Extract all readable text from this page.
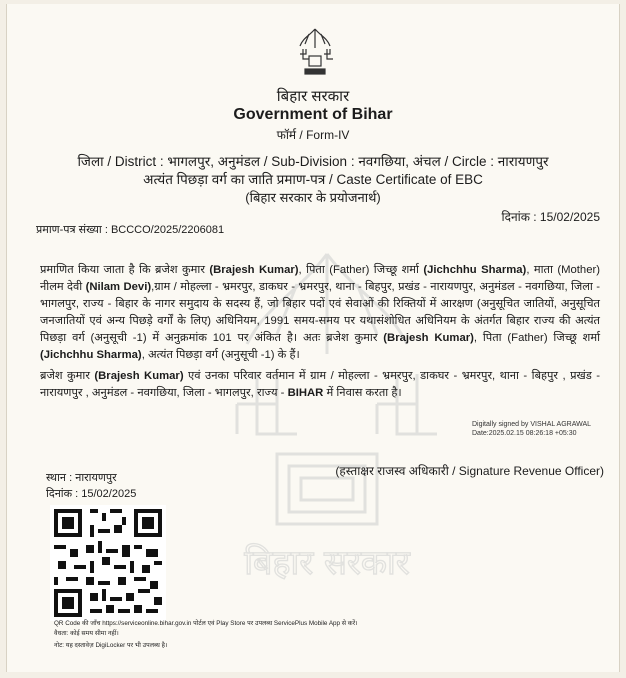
बिहार सरकार
बिहार सरकार
Government of Bihar
फॉर्म / Form-IV
जिला / District : भागलपुर, अनुमंडल / Sub-Division : नवगछिया, अंचल / Circle : नारायणपुर
अत्यंत पिछड़ा वर्ग का जाति प्रमाण-पत्र / Caste Certificate of EBC
(बिहार सरकार के प्रयोजनार्थ)
दिनांक : 15/02/2025
प्रमाण-पत्र संख्या : BCCCO/2025/2206081
प्रमाणित किया जाता है कि ब्रजेश कुमार (Brajesh Kumar), पिता (Father) जिच्छू शर्मा (Jichchhu Sharma), माता (Mother) नीलम देवी (Nilam Devi),ग्राम / मोहल्ला - भ्रमरपुर, डाकघर - भ्रमरपुर, थाना - बिहपुर, प्रखंड - नारायणपुर, अनुमंडल - नवगछिया, जिला - भागलपुर, राज्य - बिहार के नागर समुदाय के सदस्य हैं, जो बिहार पदों एवं सेवाओं की रिक्तियों में आरक्षण (अनुसूचित जातियों, अनुसूचित जनजातियों एवं अन्य पिछड़े वर्गों के लिए) अधिनियम, 1991 समय-समय पर यथासंशोधित अधिनियम के अंतर्गत बिहार राज्य की अत्यंत पिछड़ा वर्ग (अनुसूची -1) में अनुक्रमांक 101 पर अंकित है। अतः ब्रजेश कुमार (Brajesh Kumar), पिता (Father) जिच्छू शर्मा (Jichchhu Sharma), अत्यंत पिछड़ा वर्ग (अनुसूची -1) के हैं।
ब्रजेश कुमार (Brajesh Kumar) एवं उनका परिवार वर्तमान में ग्राम / मोहल्ला - भ्रमरपुर, डाकघर - भ्रमरपुर, थाना - बिहपुर , प्रखंड - नारायणपुर , अनुमंडल - नवगछिया, जिला - भागलपुर, राज्य - BIHAR में निवास करता है।
Digitally signed by VISHAL AGRAWAL
Date:2025.02.15 08:26:18 +05:30
(हस्ताक्षर राजस्व अधिकारी / Signature Revenue Officer)
स्थान : नारायणपुर
दिनांक : 15/02/2025
QR Code की जाँच https://serviceonline.bihar.gov.in पोर्टल एवं Play Store पर उपलब्ध ServicePlus Mobile App से करें।
वैधता: कोई समय सीमा नहीं।
नोट: यह दस्तावेज़ DigiLocker पर भी उपलब्ध है।
